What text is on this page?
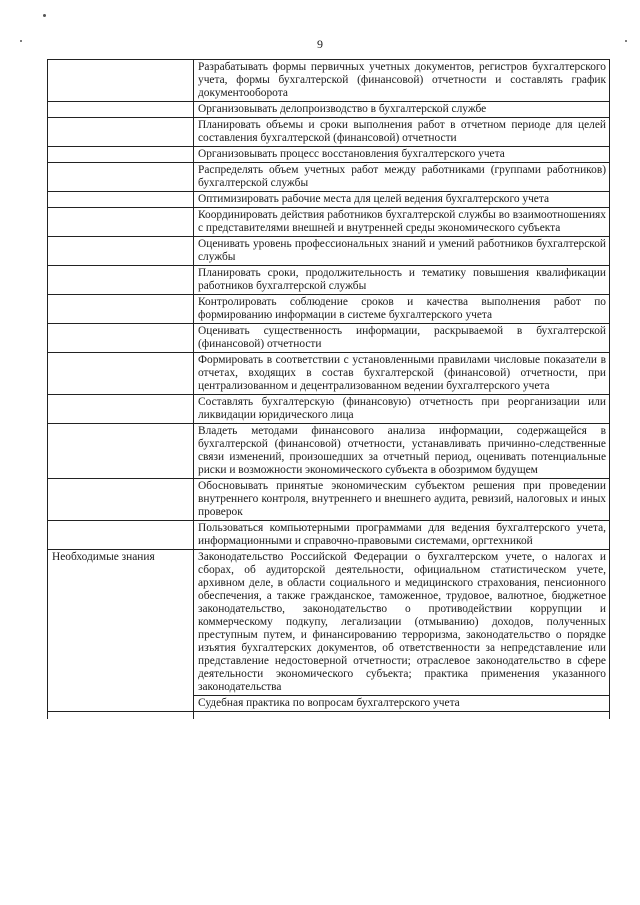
9
	Разрабатывать формы первичных учетных документов, регистров бухгалтерского учета, формы бухгалтерской (финансовой) отчетности и составлять график документооборота
	Организовывать делопроизводство в бухгалтерской службе
	Планировать объемы и сроки выполнения работ в отчетном периоде для целей составления бухгалтерской (финансовой) отчетности
	Организовывать процесс восстановления бухгалтерского учета
	Распределять объем учетных работ между работниками (группами работников) бухгалтерской службы
	Оптимизировать рабочие места для целей ведения бухгалтерского учета
	Координировать действия работников бухгалтерской службы во взаимоотношениях с представителями внешней и внутренней среды экономического субъекта
	Оценивать уровень профессиональных знаний и умений работников бухгалтерской службы
	Планировать сроки, продолжительность и тематику повышения квалификации работников бухгалтерской службы
	Контролировать соблюдение сроков и качества выполнения работ по формированию информации в системе бухгалтерского учета
	Оценивать существенность информации, раскрываемой в бухгалтерской (финансовой) отчетности
	Формировать в соответствии с установленными правилами числовые показатели в отчетах, входящих в состав бухгалтерской (финансовой) отчетности, при централизованном и децентрализованном ведении бухгалтерского учета
	Составлять бухгалтерскую (финансовую) отчетность при реорганизации или ликвидации юридического лица
	Владеть методами финансового анализа информации, содержащейся в бухгалтерской (финансовой) отчетности, устанавливать причинно-следственные связи изменений, произошедших за отчетный период, оценивать потенциальные риски и возможности экономического субъекта в обозримом будущем
	Обосновывать принятые экономическим субъектом решения при проведении внутреннего контроля, внутреннего и внешнего аудита, ревизий, налоговых и иных проверок
	Пользоваться компьютерными программами для ведения бухгалтерского учета, информационными и справочно-правовыми системами, оргтехникой
Необходимые знания	Законодательство Российской Федерации о бухгалтерском учете, о налогах и сборах, об аудиторской деятельности, официальном статистическом учете, архивном деле, в области социального и медицинского страхования, пенсионного обеспечения, а также гражданское, таможенное, трудовое, валютное, бюджетное законодательство, законодательство о противодействии коррупции и коммерческому подкупу, легализации (отмыванию) доходов, полученных преступным путем, и финансированию терроризма, законодательство о порядке изъятия бухгалтерских документов, об ответственности за непредставление или представление недостоверной отчетности; отраслевое законодательство в сфере деятельности экономического субъекта; практика применения указанного законодательства
	Судебная практика по вопросам бухгалтерского учета
